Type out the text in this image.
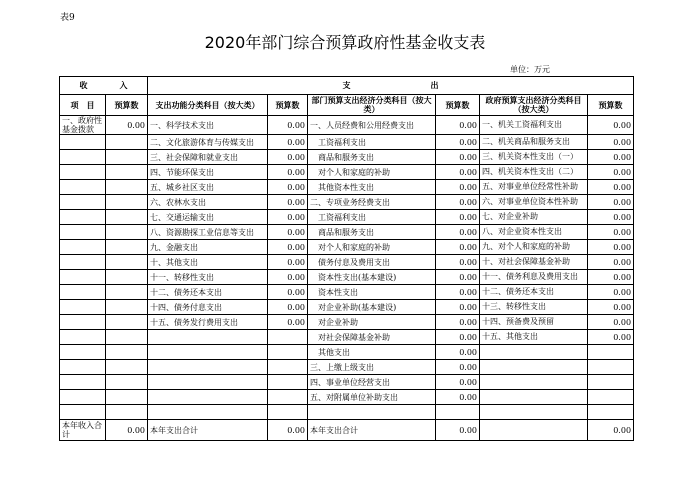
表9
2020年部门综合预算政府性基金收支表
单位：万元
收　　　　入		支　　　　　　　　　　出					
项　目	预算数	支出功能分类科目（按大类）	预算数	部门预算支出经济分类科目（按大类）	预算数	政府预算支出经济分类科目（按大类）	预算数
一、政府性基金拨款	0.00	一、科学技术支出	0.00	一、人员经费和公用经费支出	0.00	一、机关工资福利支出	0.00
		二、文化旅游体育与传媒支出	0.00	　工资福利支出	0.00	二、机关商品和服务支出	0.00
		三、社会保障和就业支出	0.00	　商品和服务支出	0.00	三、机关资本性支出（一）	0.00
		四、节能环保支出	0.00	　对个人和家庭的补助	0.00	四、机关资本性支出（二）	0.00
		五、城乡社区支出	0.00	　其他资本性支出	0.00	五、对事业单位经常性补助	0.00
		六、农林水支出	0.00	二、专项业务经费支出	0.00	六、对事业单位资本性补助	0.00
		七、交通运输支出	0.00	　工资福利支出	0.00	七、对企业补助	0.00
		八、资源勘探工业信息等支出	0.00	　商品和服务支出	0.00	八、对企业资本性支出	0.00
		九、金融支出	0.00	　对个人和家庭的补助	0.00	九、对个人和家庭的补助	0.00
		十、其他支出	0.00	　债务付息及费用支出	0.00	十、对社会保障基金补助	0.00
		十一、转移性支出	0.00	　资本性支出(基本建设)	0.00	十一、债务利息及费用支出	0.00
		十二、债务还本支出	0.00	　资本性支出	0.00	十二、债务还本支出	0.00
		十四、债务付息支出	0.00	　对企业补助(基本建设)	0.00	十三、转移性支出	0.00
		十五、债务发行费用支出	0.00	　对企业补助	0.00	十四、预备费及预留	0.00
				　对社会保障基金补助	0.00	十五、其他支出	0.00
				　其他支出	0.00		
				三、上缴上级支出	0.00		
				四、事业单位经营支出	0.00		
				五、对附属单位补助支出	0.00		

本年收入合计	0.00	本年支出合计	0.00	本年支出合计	0.00		0.00
